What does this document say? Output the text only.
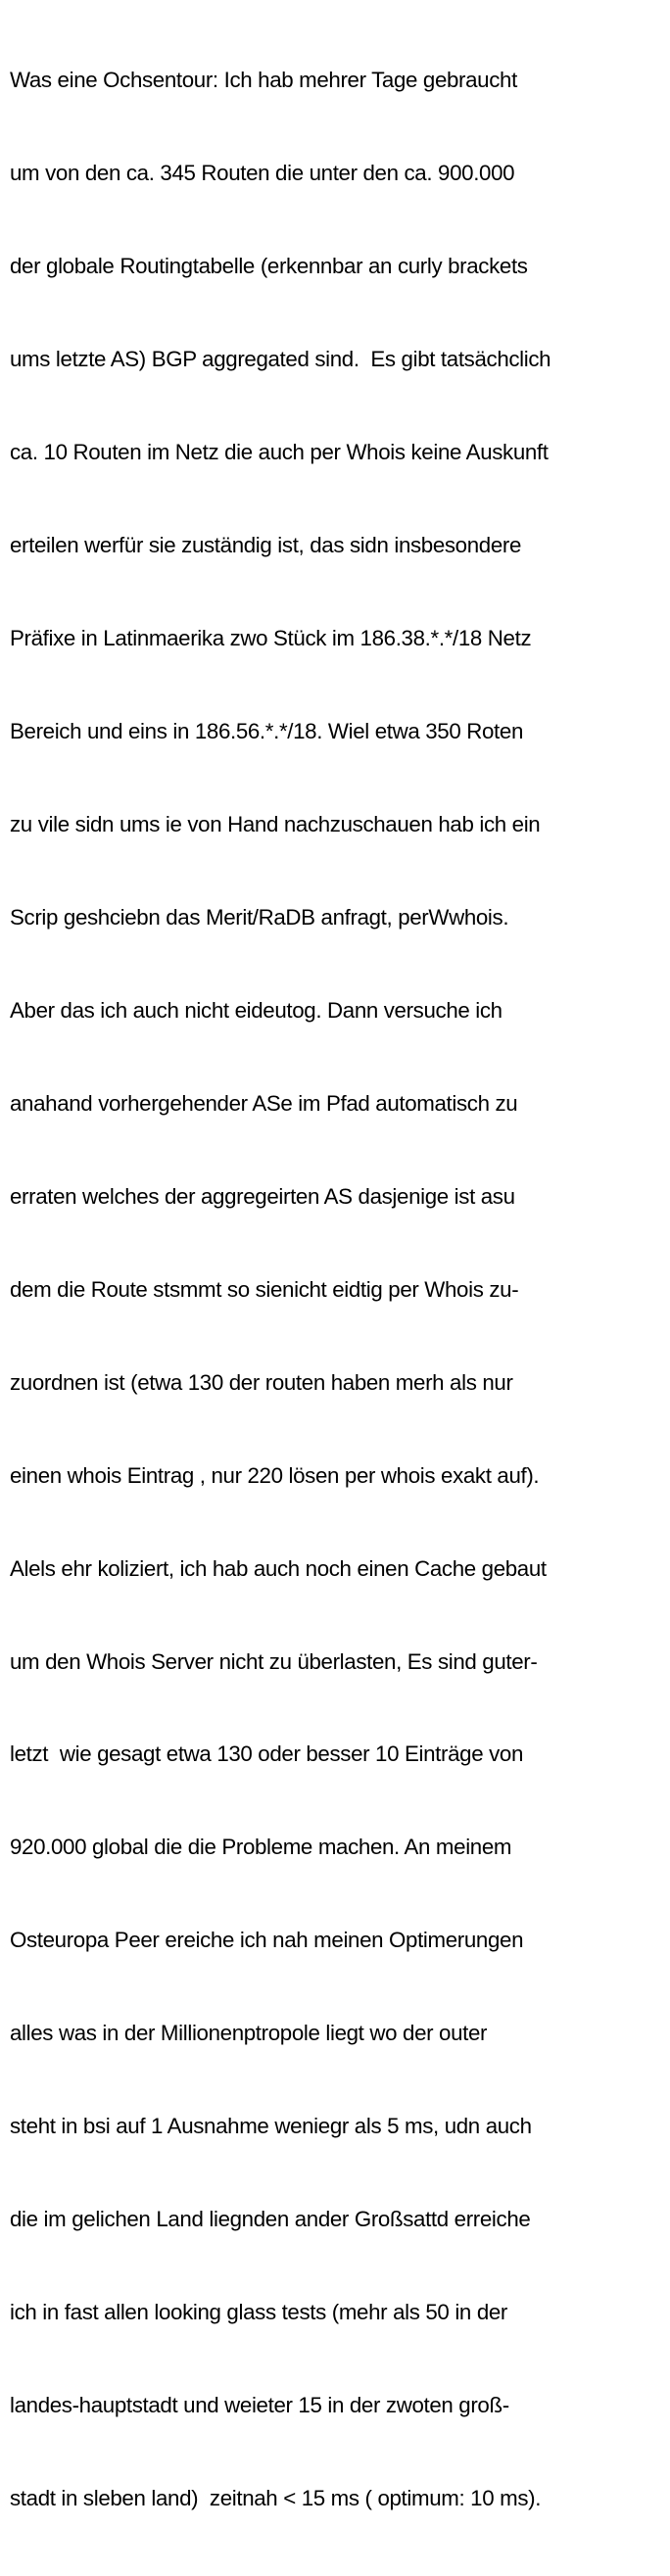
Was eine Ochsentour: Ich hab mehrer Tage gebraucht

um von den ca. 345 Routen die unter den ca. 900.000

der globale Routingtabelle (erkennbar an curly brackets

ums letzte AS) BGP aggregated sind.  Es gibt tatsächclich

ca. 10 Routen im Netz die auch per Whois keine Auskunft

erteilen werfür sie zuständig ist, das sidn insbesondere

Präfixe in Latinmaerika zwo Stück im 186.38.*.*/18 Netz

Bereich und eins in 186.56.*.*/18. Wiel etwa 350 Roten

zu vile sidn ums ie von Hand nachzuschauen hab ich ein

Scrip geshciebn das Merit/RaDB anfragt, perWwhois.

Aber das ich auch nicht eideutog. Dann versuche ich

anahand vorhergehender ASe im Pfad automatisch zu

erraten welches der aggregeirten AS dasjenige ist asu

dem die Route stsmmt so sienicht eidtig per Whois zu-

zuordnen ist (etwa 130 der routen haben merh als nur

einen whois Eintrag , nur 220 lösen per whois exakt auf).

Alels ehr koliziert, ich hab auch noch einen Cache gebaut

um den Whois Server nicht zu überlasten, Es sind guter-

letzt  wie gesagt etwa 130 oder besser 10 Einträge von

920.000 global die die Probleme machen. An meinem

Osteuropa Peer ereiche ich nah meinen Optimerungen

alles was in der Millionenptropole liegt wo der outer

steht in bsi auf 1 Ausnahme weniegr als 5 ms, udn auch

die im gelichen Land liegnden ander Großsattd erreiche

ich in fast allen looking glass tests (mehr als 50 in der

landes-hauptstadt und weieter 15 in der zwoten groß-

stadt in sleben land)  zeitnah < 15 ms ( optimum: 10 ms).
